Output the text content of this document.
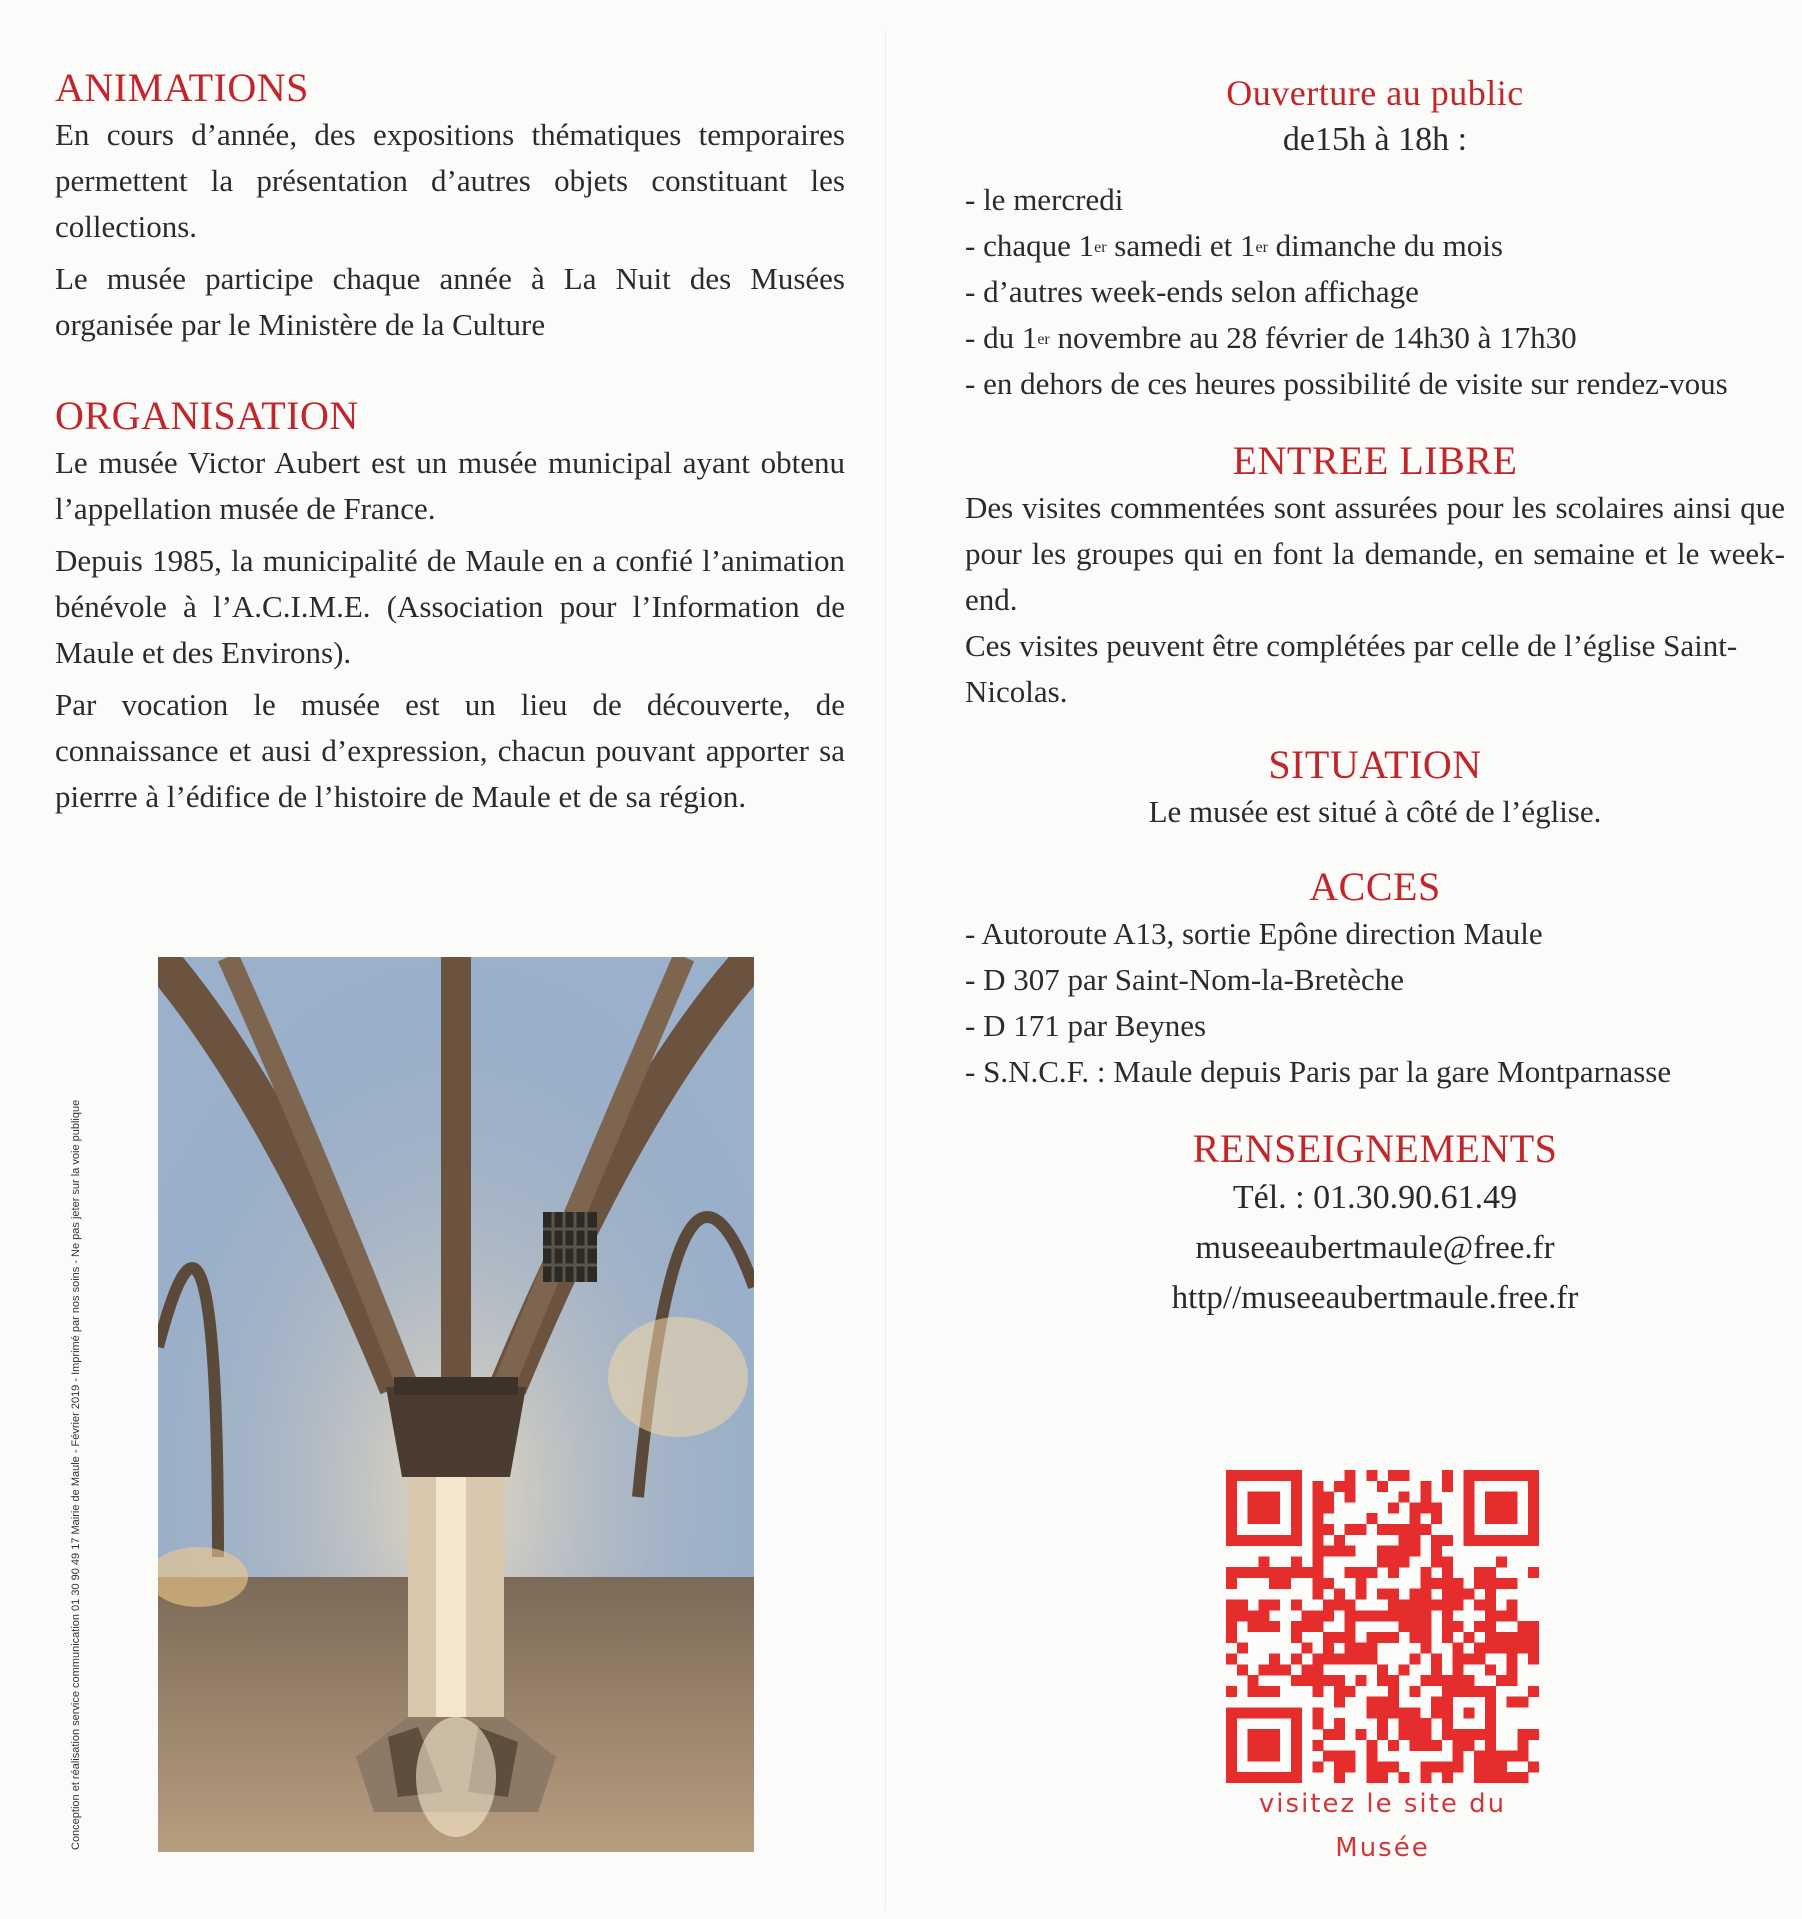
ANIMATIONS

En cours d’année, des expositions thématiques temporaires permettent la présentation d’autres objets constituant les collections.

Le musée participe chaque année à La Nuit des Musées organisée par le Ministère de la Culture

ORGANISATION

Le musée Victor Aubert est un musée municipal ayant obtenu l’appellation musée de France.

Depuis 1985, la municipalité de Maule en a confié l’animation bénévole à l’A.C.I.M.E. (Association pour l’Information de Maule et des Environs).

Par vocation le musée est un lieu de découverte, de connaissance et ausi d’expression, chacun pouvant apporter sa pierrre à l’édifice de l’histoire de Maule et de sa région.

Conception et réalisation service communication 01 30 90 49 17 Mairie de Maule - Février 2019 - Imprimé par nos soins - Ne pas jeter sur la voie publique
Ouverture au public
de15h à 18h :
- le mercredi
- chaque 1er samedi et 1er dimanche du mois
- d’autres week-ends selon affichage
- du 1er novembre au 28 février de 14h30 à 17h30
- en dehors de ces heures possibilité de visite sur rendez-vous
ENTREE LIBRE

Des visites commentées sont assurées pour les scolaires ainsi que pour les groupes qui en font la demande, en semaine et le week-end.

Ces visites peuvent être complétées par celle de l’église Saint-Nicolas.

SITUATION
Le musée est situé à côté de l’église.
ACCES
- Autoroute A13, sortie Epône direction Maule
- D 307 par Saint-Nom-la-Bretèche
- D 171 par Beynes
- S.N.C.F. : Maule depuis Paris par la gare Montparnasse
RENSEIGNEMENTS
Tél. : 01.30.90.61.49
museeaubertmaule@free.fr
http//museeaubertmaule.free.fr
visitez le site du
Musée
